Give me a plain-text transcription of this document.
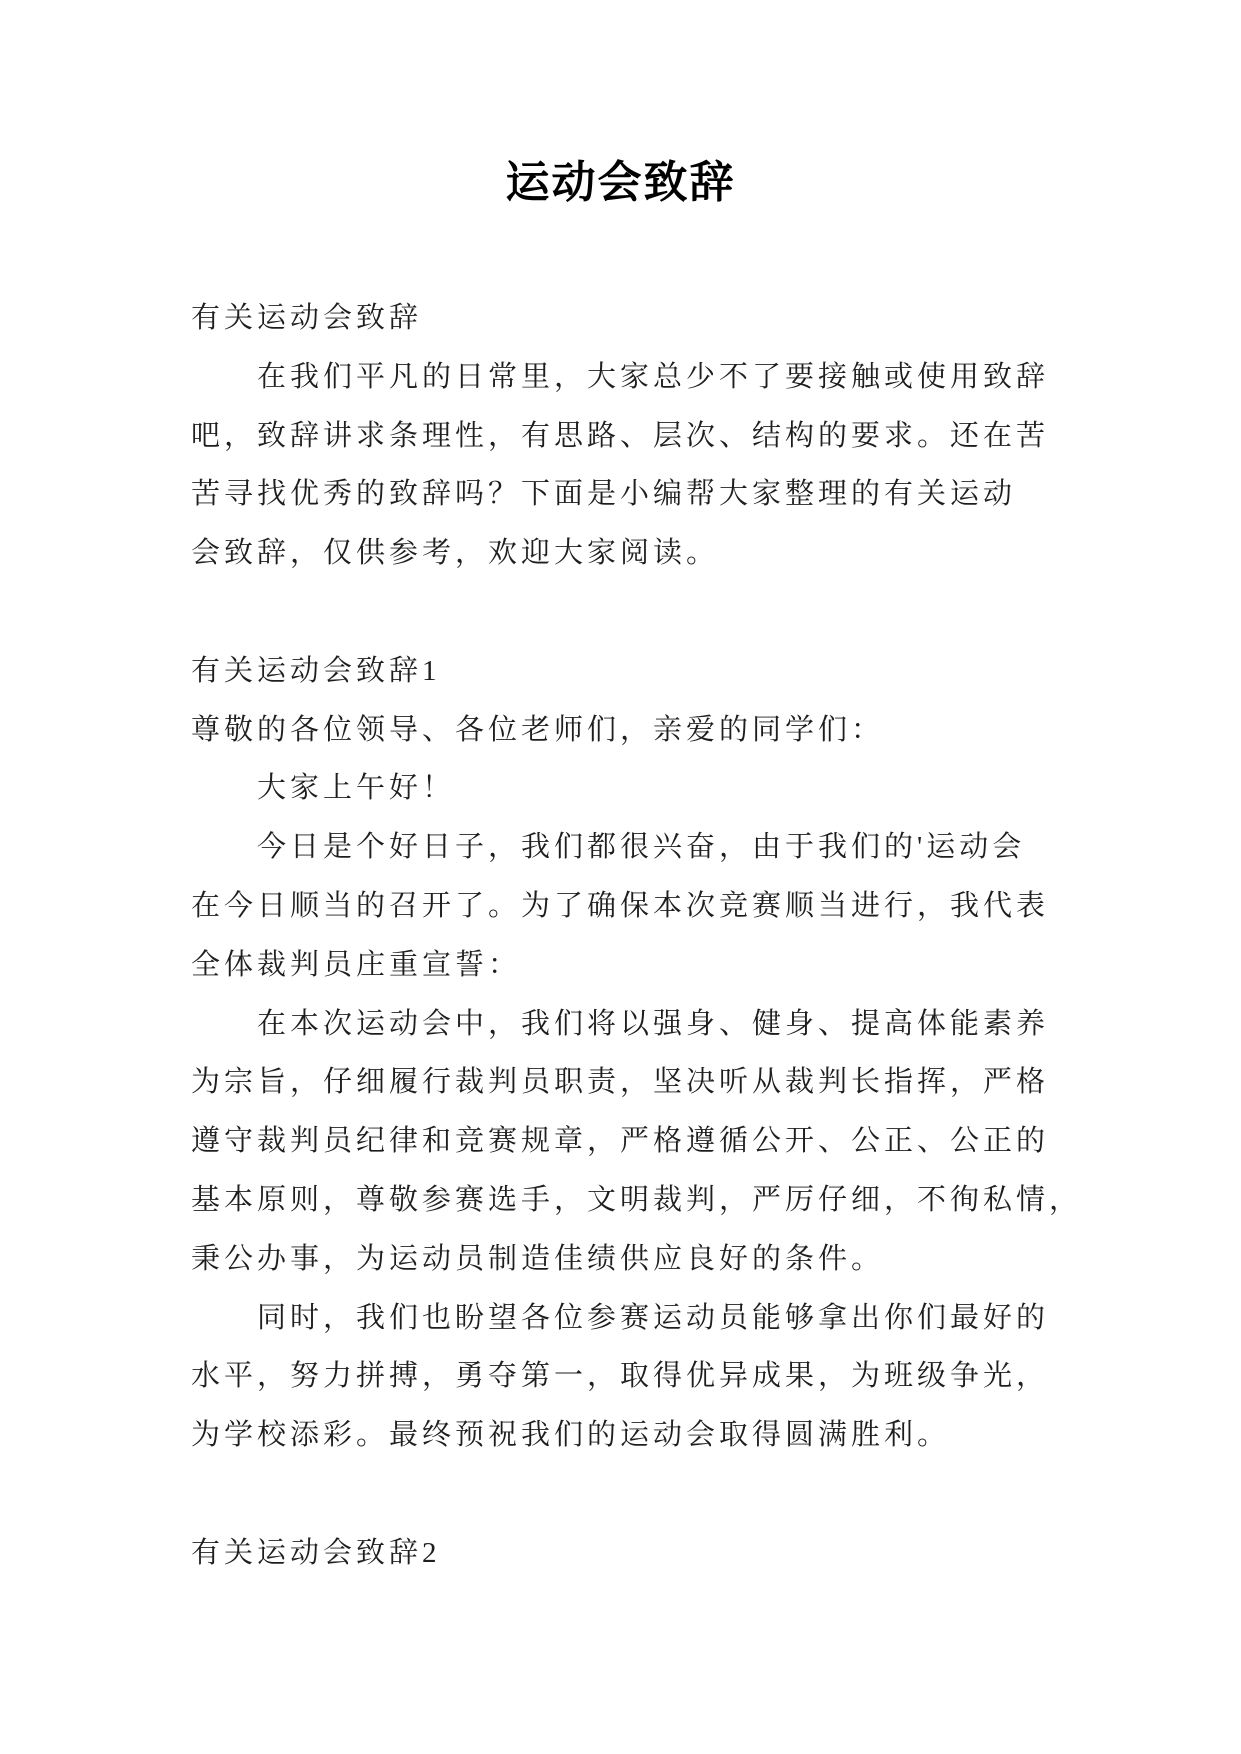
运动会致辞
有关运动会致辞
在我们平凡的日常里，大家总少不了要接触或使用致辞
吧，致辞讲求条理性，有思路、层次、结构的要求。还在苦
苦寻找优秀的致辞吗？下面是小编帮大家整理的有关运动
会致辞，仅供参考，欢迎大家阅读。
有关运动会致辞1
尊敬的各位领导、各位老师们，亲爱的同学们：
大家上午好！
今日是个好日子，我们都很兴奋，由于我们的'运动会
在今日顺当的召开了。为了确保本次竞赛顺当进行，我代表
全体裁判员庄重宣誓：
在本次运动会中，我们将以强身、健身、提高体能素养
为宗旨，仔细履行裁判员职责，坚决听从裁判长指挥，严格
遵守裁判员纪律和竞赛规章，严格遵循公开、公正、公正的
基本原则，尊敬参赛选手，文明裁判，严厉仔细，不徇私情，
秉公办事，为运动员制造佳绩供应良好的条件。
同时，我们也盼望各位参赛运动员能够拿出你们最好的
水平，努力拼搏，勇夺第一，取得优异成果，为班级争光，
为学校添彩。最终预祝我们的运动会取得圆满胜利。
有关运动会致辞2
